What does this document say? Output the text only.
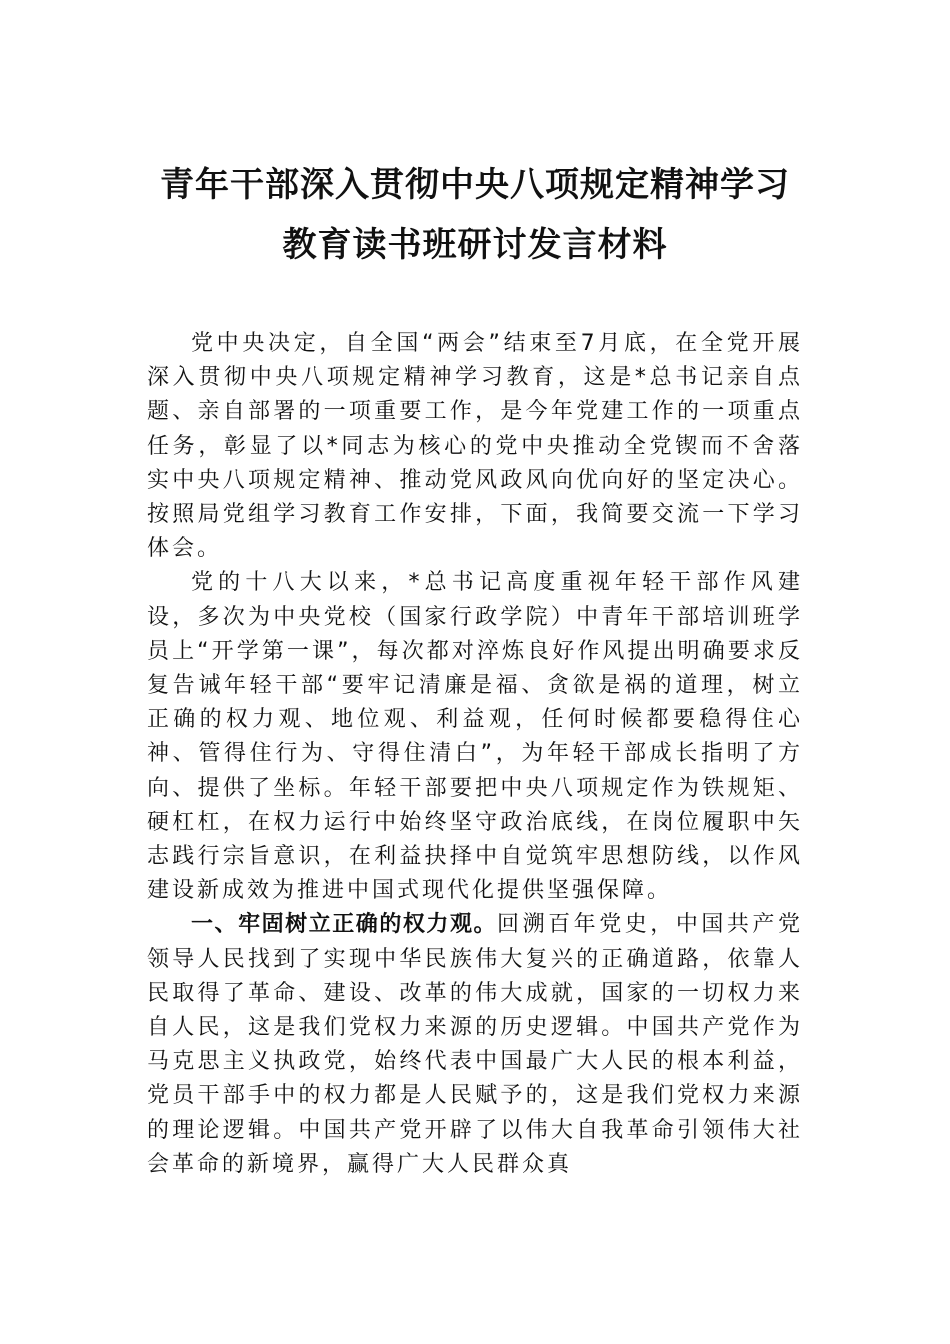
青年干部深入贯彻中央八项规定精神学习
教育读书班研讨发言材料

党中央决定，自全国“两会”结束至7月底，在全党开展深入贯彻中央八项规定精神学习教育，这是*总书记亲自点题、亲自部署的一项重要工作，是今年党建工作的一项重点任务，彰显了以*同志为核心的党中央推动全党锲而不舍落实中央八项规定精神、推动党风政风向优向好的坚定决心。按照局党组学习教育工作安排，下面，我简要交流一下学习体会。

党的十八大以来，*总书记高度重视年轻干部作风建设，多次为中央党校（国家行政学院）中青年干部培训班学员上“开学第一课”，每次都对淬炼良好作风提出明确要求反复告诫年轻干部“要牢记清廉是福、贪欲是祸的道理，树立正确的权力观、地位观、利益观，任何时候都要稳得住心神、管得住行为、守得住清白”，为年轻干部成长指明了方向、提供了坐标。年轻干部要把中央八项规定作为铁规矩、硬杠杠，在权力运行中始终坚守政治底线，在岗位履职中矢志践行宗旨意识，在利益抉择中自觉筑牢思想防线，以作风建设新成效为推进中国式现代化提供坚强保障。

一、牢固树立正确的权力观。回溯百年党史，中国共产党领导人民找到了实现中华民族伟大复兴的正确道路，依靠人民取得了革命、建设、改革的伟大成就，国家的一切权力来自人民，这是我们党权力来源的历史逻辑。中国共产党作为马克思主义执政党，始终代表中国最广大人民的根本利益，党员干部手中的权力都是人民赋予的，这是我们党权力来源的理论逻辑。中国共产党开辟了以伟大自我革命引领伟大社会革命的新境界，赢得广大人民群众真
